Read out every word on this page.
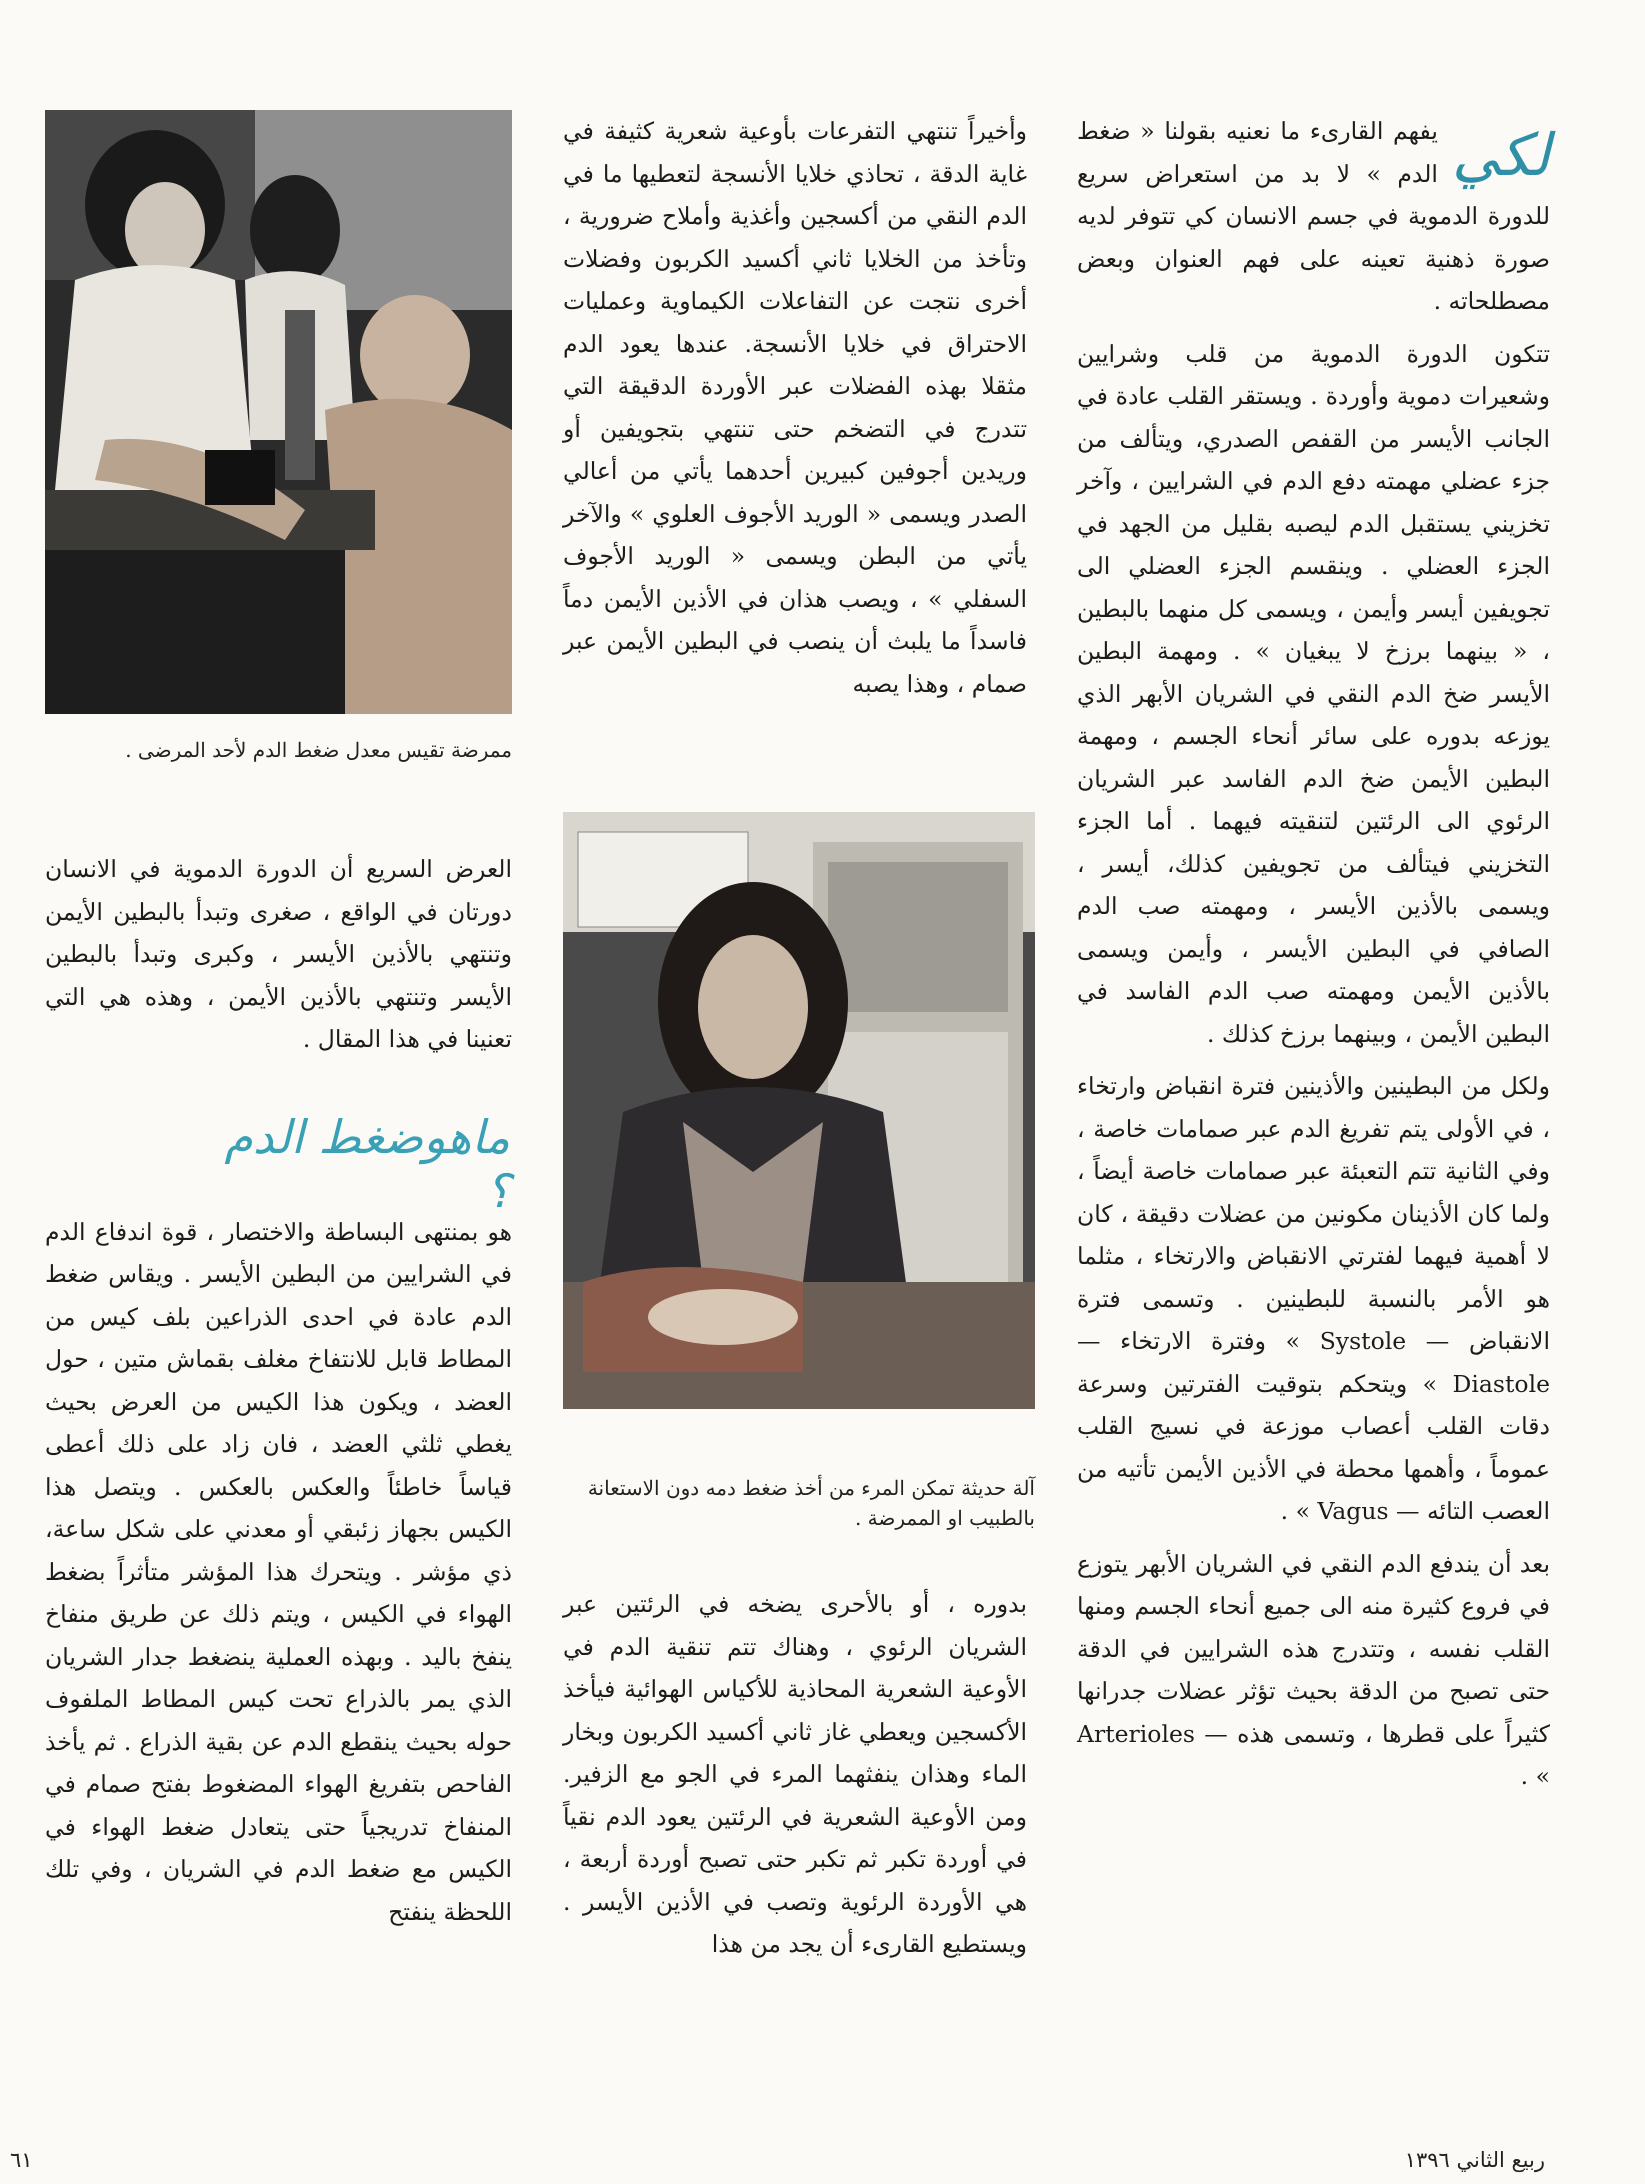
لكي

يفهم القارىء ما نعنيه بقولنا « ضغط الدم » لا بد من استعراض سريع للدورة الدموية في جسم الانسان كي تتوفر لديه صورة ذهنية تعينه على فهم العنوان وبعض مصطلحاته .

تتكون الدورة الدموية من قلب وشرايين وشعيرات دموية وأوردة . ويستقر القلب عادة في الجانب الأيسر من القفص الصدري، ويتألف من جزء عضلي مهمته دفع الدم في الشرايين ، وآخر تخزيني يستقبل الدم ليصبه بقليل من الجهد في الجزء العضلي . وينقسم الجزء العضلي الى تجويفين أيسر وأيمن ، ويسمى كل منهما بالبطين ، « بينهما برزخ لا يبغيان » . ومهمة البطين الأيسر ضخ الدم النقي في الشريان الأبهر الذي يوزعه بدوره على سائر أنحاء الجسم ، ومهمة البطين الأيمن ضخ الدم الفاسد عبر الشريان الرئوي الى الرئتين لتنقيته فيهما . أما الجزء التخزيني فيتألف من تجويفين كذلك، أيسر ، ويسمى بالأذين الأيسر ، ومهمته صب الدم الصافي في البطين الأيسر ، وأيمن ويسمى بالأذين الأيمن ومهمته صب الدم الفاسد في البطين الأيمن ، وبينهما برزخ كذلك .

ولكل من البطينين والأذينين فترة انقباض وارتخاء ، في الأولى يتم تفريغ الدم عبر صمامات خاصة ، وفي الثانية تتم التعبئة عبر صمامات خاصة أيضاً ، ولما كان الأذينان مكونين من عضلات دقيقة ، كان لا أهمية فيهما لفترتي الانقباض والارتخاء ، مثلما هو الأمر بالنسبة للبطينين . وتسمى فترة الانقباض — Systole » وفترة الارتخاء — Diastole » ويتحكم بتوقيت الفترتين وسرعة دقات القلب أعصاب موزعة في نسيج القلب عموماً ، وأهمها محطة في الأذين الأيمن تأتيه من العصب التائه — Vagus » .

بعد أن يندفع الدم النقي في الشريان الأبهر يتوزع في فروع كثيرة منه الى جميع أنحاء الجسم ومنها القلب نفسه ، وتتدرج هذه الشرايين في الدقة حتى تصبح من الدقة بحيث تؤثر عضلات جدرانها كثيراً على قطرها ، وتسمى هذه — Arterioles » .

وأخيراً تنتهي التفرعات بأوعية شعرية كثيفة في غاية الدقة ، تحاذي خلايا الأنسجة لتعطيها ما في الدم النقي من أكسجين وأغذية وأملاح ضرورية ، وتأخذ من الخلايا ثاني أكسيد الكربون وفضلات أخرى نتجت عن التفاعلات الكيماوية وعمليات الاحتراق في خلايا الأنسجة. عندها يعود الدم مثقلا بهذه الفضلات عبر الأوردة الدقيقة التي تتدرج في التضخم حتى تنتهي بتجويفين أو وريدين أجوفين كبيرين أحدهما يأتي من أعالي الصدر ويسمى « الوريد الأجوف العلوي » والآخر يأتي من البطن ويسمى « الوريد الأجوف السفلي » ، ويصب هذان في الأذين الأيمن دماً فاسداً ما يلبث أن ينصب في البطين الأيمن عبر صمام ، وهذا يصبه

آلة حديثة تمكن المرء من أخذ ضغط دمه دون الاستعانة بالطبيب او الممرضة .

بدوره ، أو بالأحرى يضخه في الرئتين عبر الشريان الرئوي ، وهناك تتم تنقية الدم في الأوعية الشعرية المحاذية للأكياس الهوائية فيأخذ الأكسجين ويعطي غاز ثاني أكسيد الكربون وبخار الماء وهذان ينفثهما المرء في الجو مع الزفير. ومن الأوعية الشعرية في الرئتين يعود الدم نقياً في أوردة تكبر ثم تكبر حتى تصبح أوردة أربعة ، هي الأوردة الرئوية وتصب في الأذين الأيسر . ويستطيع القارىء أن يجد من هذا

ممرضة تقيس معدل ضغط الدم لأحد المرضى .

العرض السريع أن الدورة الدموية في الانسان دورتان في الواقع ، صغرى وتبدأ بالبطين الأيمن وتنتهي بالأذين الأيسر ، وكبرى وتبدأ بالبطين الأيسر وتنتهي بالأذين الأيمن ، وهذه هي التي تعنينا في هذا المقال .

هو بمنتهى البساطة والاختصار ، قوة اندفاع الدم في الشرايين من البطين الأيسر . ويقاس ضغط الدم عادة في احدى الذراعين بلف كيس من المطاط قابل للانتفاخ مغلف بقماش متين ، حول العضد ، ويكون هذا الكيس من العرض بحيث يغطي ثلثي العضد ، فان زاد على ذلك أعطى قياساً خاطئاً والعكس بالعكس . ويتصل هذا الكيس بجهاز زئبقي أو معدني على شكل ساعة، ذي مؤشر . ويتحرك هذا المؤشر متأثراً بضغط الهواء في الكيس ، ويتم ذلك عن طريق منفاخ ينفخ باليد . وبهذه العملية ينضغط جدار الشريان الذي يمر بالذراع تحت كيس المطاط الملفوف حوله بحيث ينقطع الدم عن بقية الذراع . ثم يأخذ الفاحص بتفريغ الهواء المضغوط بفتح صمام في المنفاخ تدريجياً حتى يتعادل ضغط الهواء في الكيس مع ضغط الدم في الشريان ، وفي تلك اللحظة ينفتح

ماهوضغط الدم ؟
ربيع الثاني ١٣٩٦
٦١
